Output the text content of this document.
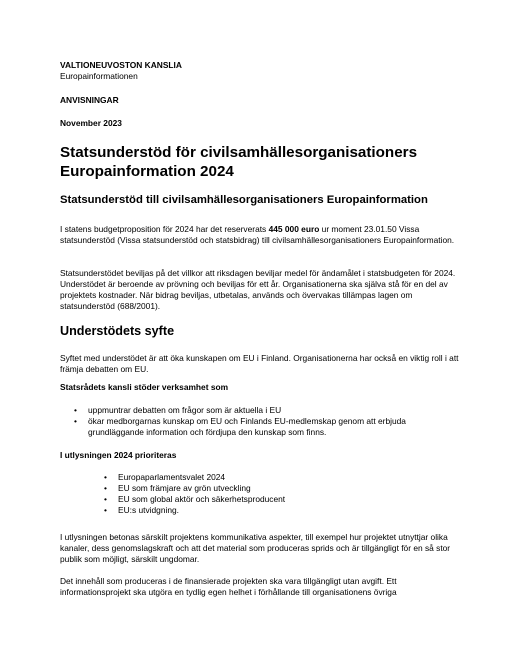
VALTIONEUVOSTON KANSLIA
Europainformationen
ANVISNINGAR
November 2023
Statsunderstöd för civilsamhällesorganisationers Europainformation 2024
Statsunderstöd till civilsamhällesorganisationers Europainformation

I statens budgetproposition för 2024 har det reserverats 445 000 euro ur moment 23.01.50 Vissa statsunderstöd (Vissa statsunderstöd och statsbidrag) till civilsamhällesorganisationers Europainformation.

Statsunderstödet beviljas på det villkor att riksdagen beviljar medel för ändamålet i statsbudgeten för 2024. Understödet är beroende av prövning och beviljas för ett år. Organisationerna ska själva stå för en del av projektets kostnader. När bidrag beviljas, utbetalas, används och övervakas tillämpas lagen om statsunderstöd (688/2001).

Understödets syfte

Syftet med understödet är att öka kunskapen om EU i Finland. Organisationerna har också en viktig roll i att främja debatten om EU.

Statsrådets kansli stöder verksamhet som
• uppmuntrar debatten om frågor som är aktuella i EU
• ökar medborgarnas kunskap om EU och Finlands EU-medlemskap genom att erbjuda grundläggande information och fördjupa den kunskap som finns.
I utlysningen 2024 prioriteras
• Europaparlamentsvalet 2024
• EU som främjare av grön utveckling
• EU som global aktör och säkerhetsproducent
• EU:s utvidgning.

I utlysningen betonas särskilt projektens kommunikativa aspekter, till exempel hur projektet utnyttjar olika kanaler, dess genomslagskraft och att det material som produceras sprids och är tillgängligt för en så stor publik som möjligt, särskilt ungdomar.

Det innehåll som produceras i de finansierade projekten ska vara tillgängligt utan avgift. Ett informationsprojekt ska utgöra en tydlig egen helhet i förhållande till organisationens övriga
